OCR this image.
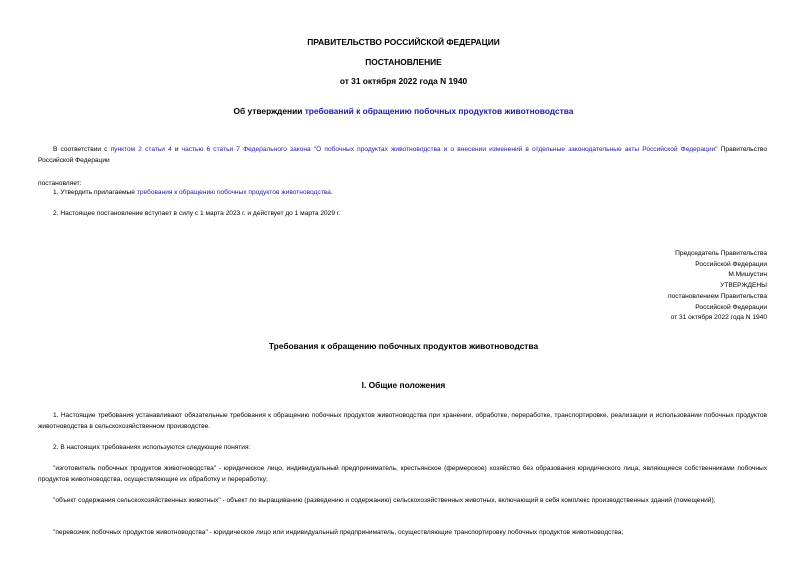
ПРАВИТЕЛЬСТВО РОССИЙСКОЙ ФЕДЕРАЦИИ
ПОСТАНОВЛЕНИЕ
от 31 октября 2022 года N 1940
Об утверждении требований к обращению побочных продуктов животноводства
В соответствии с пунктом 2 статьи 4 и частью 6 статьи 7 Федерального закона "О побочных продуктах животноводства и о внесении изменений в отдельные законодательные акты Российской Федерации" Правительство Российской Федерации
постановляет:
1. Утвердить прилагаемые требования к обращению побочных продуктов животноводства.
2. Настоящее постановление вступает в силу с 1 марта 2023 г. и действует до 1 марта 2029 г.
Председатель Правительства
Российской Федерации
М.Мишустин
УТВЕРЖДЕНЫ
постановлением Правительства
Российской Федерации
от 31 октября 2022 года N 1940
Требования к обращению побочных продуктов животноводства
I. Общие положения
1. Настоящие требования устанавливают обязательные требования к обращению побочных продуктов животноводства при хранении, обработке, переработке, транспортировке, реализации и использовании побочных продуктов животноводства в сельскохозяйственном производстве.
2. В настоящих требованиях используются следующие понятия:
"изготовитель побочных продуктов животноводства" - юридическое лицо, индивидуальный предприниматель, крестьянское (фермерское) хозяйство без образования юридического лица, являющиеся собственниками побочных продуктов животноводства, осуществляющие их обработку и переработку;
"объект содержания сельскохозяйственных животных" - объект по выращиванию (разведению и содержанию) сельскохозяйственных животных, включающий в себя комплекс производственных зданий (помещений);
"перевозчик побочных продуктов животноводства" - юридическое лицо или индивидуальный предприниматель, осуществляющие транспортировку побочных продуктов животноводства;
